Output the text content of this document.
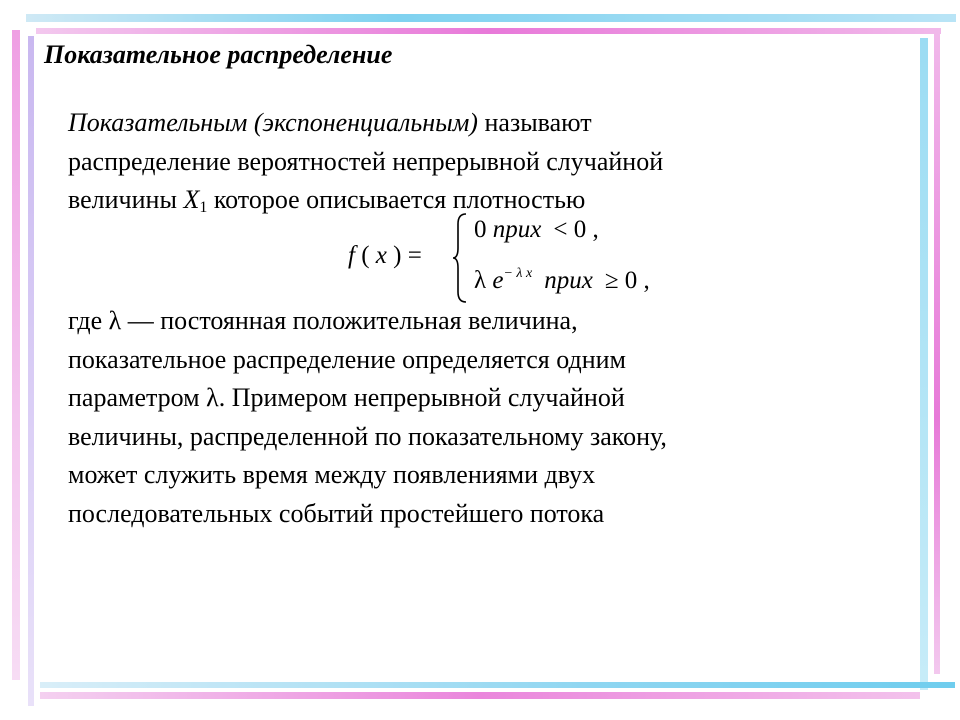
Показательное распределение

Показательным (экспоненциальным) называют

распределение вероятностей непрерывной случайной

величины $X_1$ которое описывается плотностью

f ( x ) =
0 приx < 0 ,
λ $e^{- \lambda x}$ приx ≥ 0 ,

где λ — постоянная положительная величина,

показательное распределение определяется одним

параметром λ. Примером непрерывной случайной

величины, распределенной по показательному закону,

может служить время между появлениями двух

последовательных событий простейшего потока
